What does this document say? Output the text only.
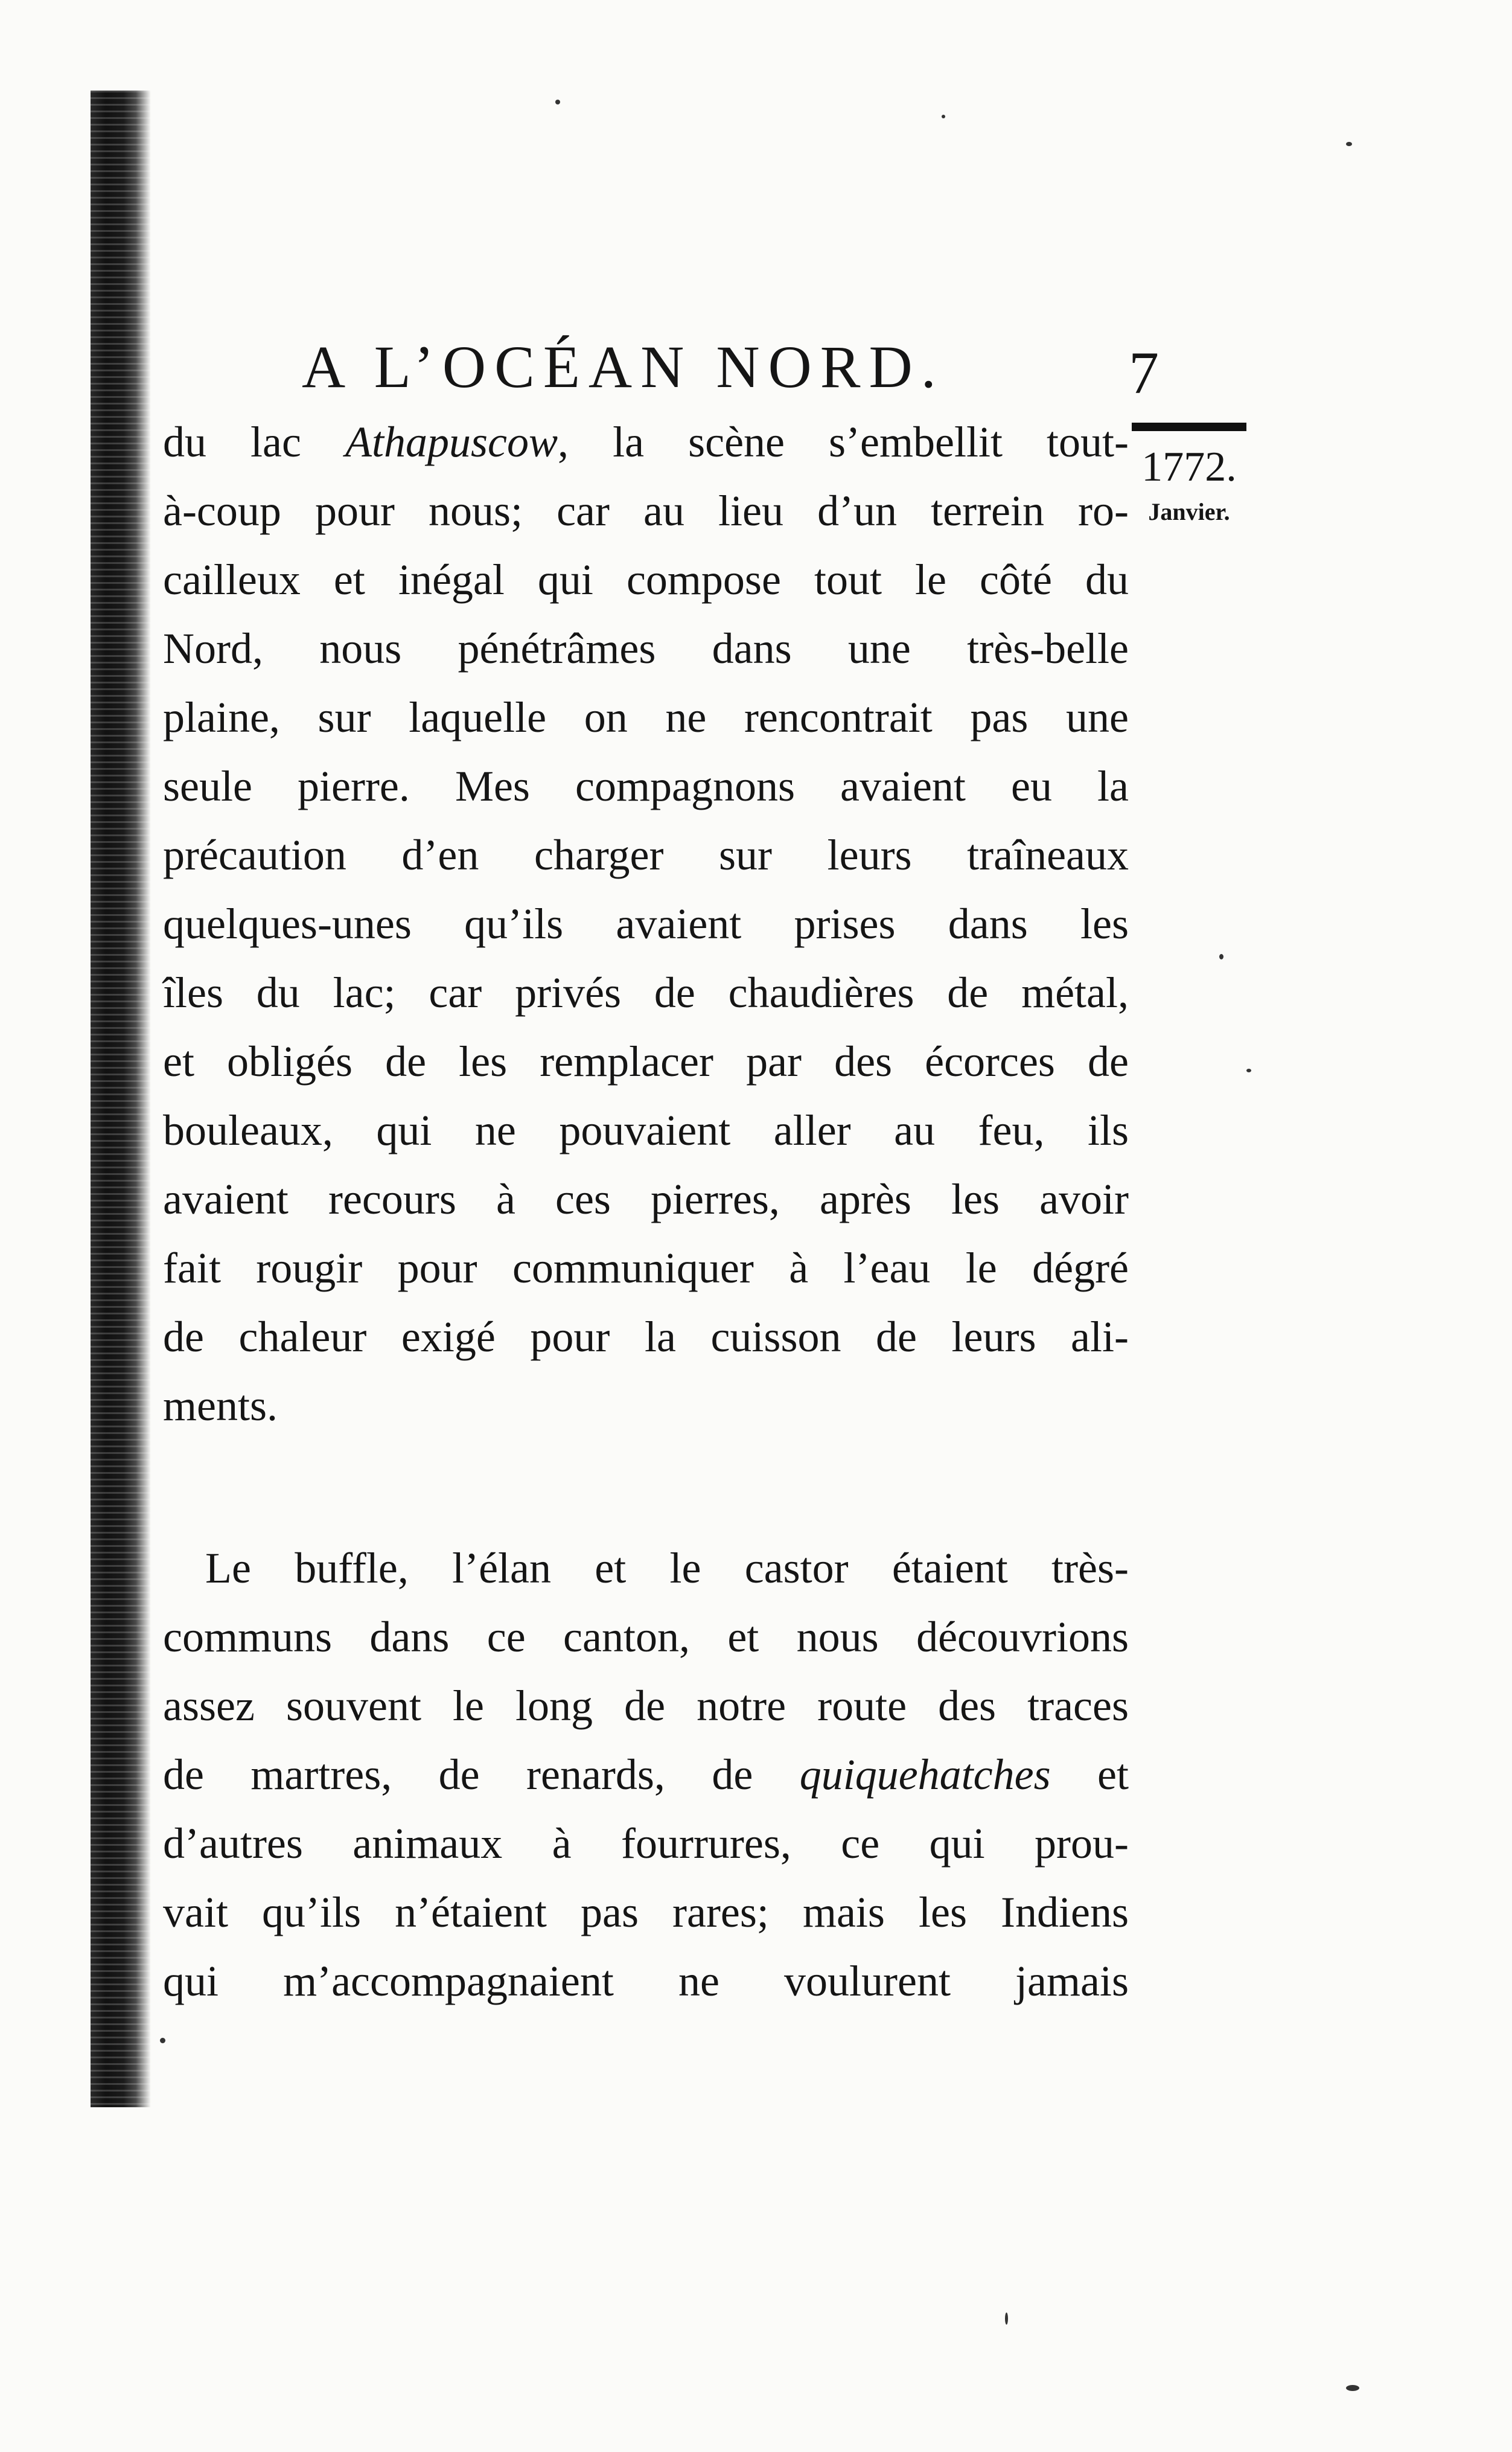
A L’OCÉAN NORD.	7
1772.
Janvier.
du lac Athapuscow, la scène s’embellit tout-
à-coup pour nous; car au lieu d’un terrein ro-
cailleux et inégal qui compose tout le côté du
Nord, nous pénétrâmes dans une très-belle
plaine, sur laquelle on ne rencontrait pas une
seule pierre. Mes compagnons avaient eu la
précaution d’en charger sur leurs traîneaux
quelques-unes qu’ils avaient prises dans les
îles du lac; car privés de chaudières de métal,
et obligés de les remplacer par des écorces de
bouleaux, qui ne pouvaient aller au feu, ils
avaient recours à ces pierres, après les avoir
fait rougir pour communiquer à l’eau le dégré
de chaleur exigé pour la cuisson de leurs ali-
ments.
Le buffle, l’élan et le castor étaient très-
communs dans ce canton, et nous découvrions
assez souvent le long de notre route des traces
de martres, de renards, de quiquehatches et
d’autres animaux à fourrures, ce qui prou-
vait qu’ils n’étaient pas rares; mais les Indiens
qui m’accompagnaient ne voulurent jamais
